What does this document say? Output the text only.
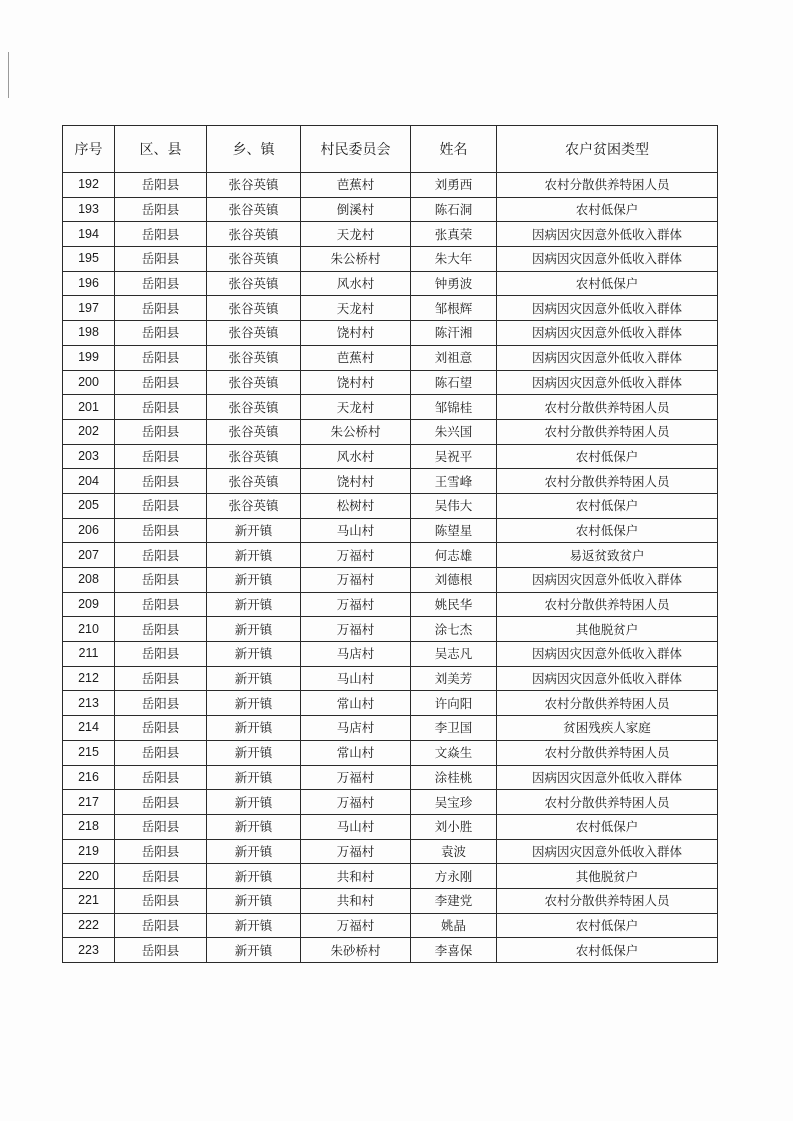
序号	区、县	乡、镇	村民委员会	姓名	农户贫困类型
192	岳阳县	张谷英镇	芭蕉村	刘勇西	农村分散供养特困人员
193	岳阳县	张谷英镇	倒溪村	陈石洞	农村低保户
194	岳阳县	张谷英镇	天龙村	张真荣	因病因灾因意外低收入群体
195	岳阳县	张谷英镇	朱公桥村	朱大年	因病因灾因意外低收入群体
196	岳阳县	张谷英镇	风水村	钟勇波	农村低保户
197	岳阳县	张谷英镇	天龙村	邹根辉	因病因灾因意外低收入群体
198	岳阳县	张谷英镇	饶村村	陈汗湘	因病因灾因意外低收入群体
199	岳阳县	张谷英镇	芭蕉村	刘祖意	因病因灾因意外低收入群体
200	岳阳县	张谷英镇	饶村村	陈石望	因病因灾因意外低收入群体
201	岳阳县	张谷英镇	天龙村	邹锦桂	农村分散供养特困人员
202	岳阳县	张谷英镇	朱公桥村	朱兴国	农村分散供养特困人员
203	岳阳县	张谷英镇	风水村	吴祝平	农村低保户
204	岳阳县	张谷英镇	饶村村	王雪峰	农村分散供养特困人员
205	岳阳县	张谷英镇	松树村	吴伟大	农村低保户
206	岳阳县	新开镇	马山村	陈望星	农村低保户
207	岳阳县	新开镇	万福村	何志雄	易返贫致贫户
208	岳阳县	新开镇	万福村	刘德根	因病因灾因意外低收入群体
209	岳阳县	新开镇	万福村	姚民华	农村分散供养特困人员
210	岳阳县	新开镇	万福村	涂七杰	其他脱贫户
211	岳阳县	新开镇	马店村	吴志凡	因病因灾因意外低收入群体
212	岳阳县	新开镇	马山村	刘美芳	因病因灾因意外低收入群体
213	岳阳县	新开镇	常山村	许向阳	农村分散供养特困人员
214	岳阳县	新开镇	马店村	李卫国	贫困残疾人家庭
215	岳阳县	新开镇	常山村	文焱生	农村分散供养特困人员
216	岳阳县	新开镇	万福村	涂桂桃	因病因灾因意外低收入群体
217	岳阳县	新开镇	万福村	吴宝珍	农村分散供养特困人员
218	岳阳县	新开镇	马山村	刘小胜	农村低保户
219	岳阳县	新开镇	万福村	袁波	因病因灾因意外低收入群体
220	岳阳县	新开镇	共和村	方永刚	其他脱贫户
221	岳阳县	新开镇	共和村	李建党	农村分散供养特困人员
222	岳阳县	新开镇	万福村	姚晶	农村低保户
223	岳阳县	新开镇	朱砂桥村	李喜保	农村低保户
